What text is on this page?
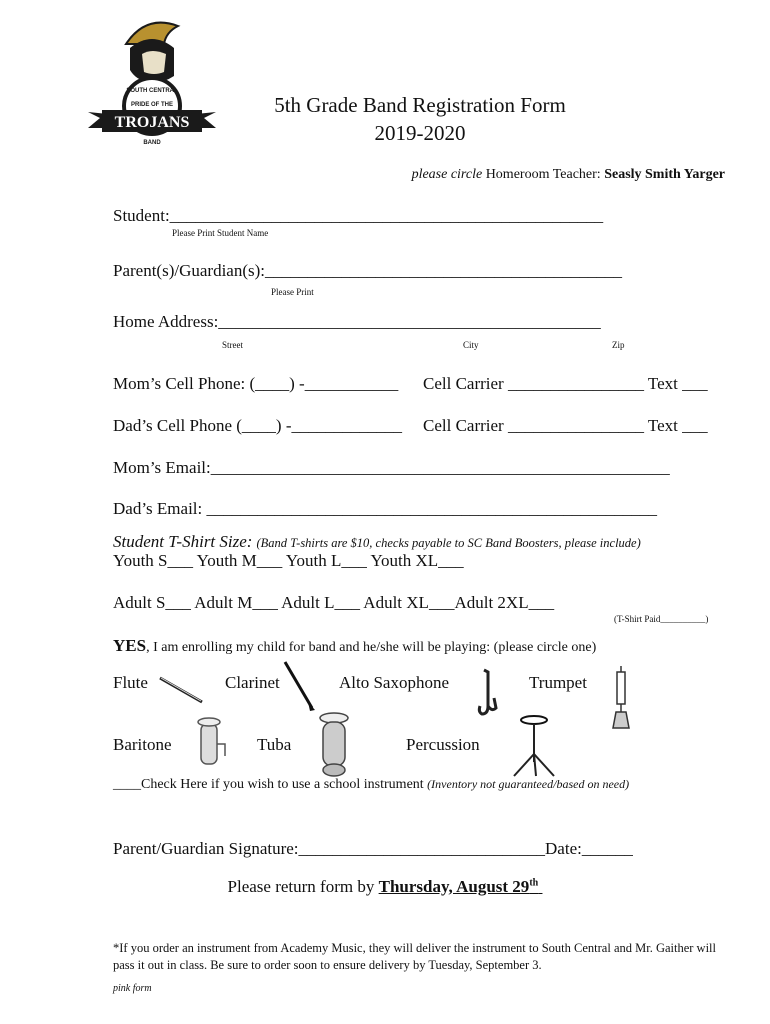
SOUTH CENTRAL
PRIDE OF THE
TROJANS
BAND
5th Grade Band Registration Form
2019-2020
please circle Homeroom Teacher: Seasly Smith Yarger
Student:___________________________________________________
Please Print Student Name
Parent(s)/Guardian(s):__________________________________________
Please Print
Home Address:_____________________________________________
Street	City	Zip
Mom’s Cell Phone: (____) -___________ Cell Carrier ________________ Text ___
Dad’s Cell Phone (____) -_____________ Cell Carrier ________________ Text ___
Mom’s Email:______________________________________________________
Dad’s Email: _____________________________________________________
Student T-Shirt Size: (Band T-shirts are $10, checks payable to SC Band Boosters, please include)
Youth S___ Youth M___ Youth L___ Youth XL___
Adult S___ Adult M___ Adult L___ Adult XL___Adult 2XL___
(T-Shirt Paid__________)
YES, I am enrolling my child for band and he/she will be playing: (please circle one)
Flute	Clarinet	Alto Saxophone	Trumpet
Baritone	Tuba	Percussion
____Check Here if you wish to use a school instrument (Inventory not guaranteed/based on need)
Parent/Guardian Signature:_____________________________Date:______
Please return form by Thursday, August 29th
*If you order an instrument from Academy Music, they will deliver the instrument to South Central and Mr. Gaither will pass it out in class. Be sure to order soon to ensure delivery by Tuesday, September 3.
pink form
